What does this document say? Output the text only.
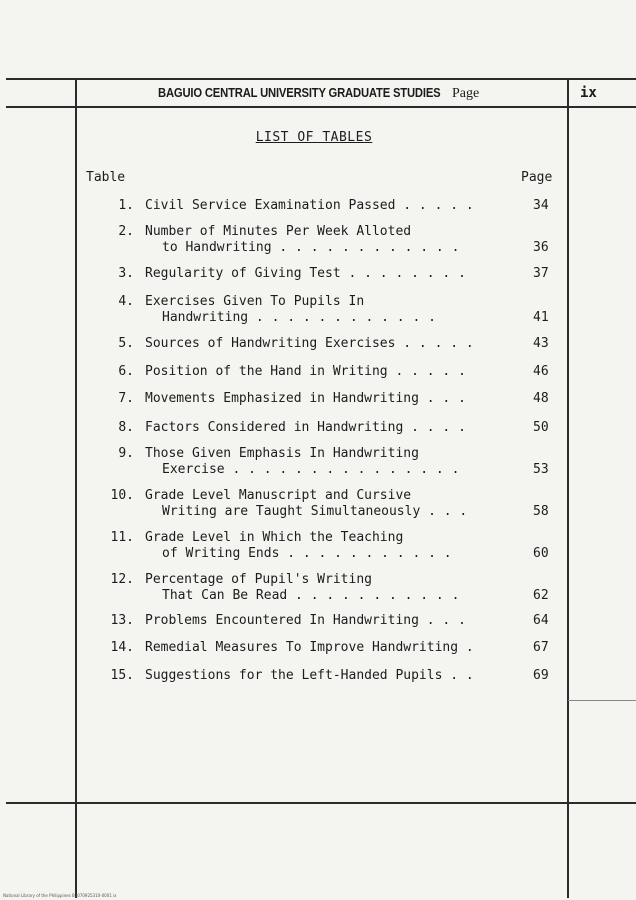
BAGUIO CENTRAL UNIVERSITY GRADUATE STUDIES Page	ix
LIST OF TABLES
Table	Page
1. Civil Service Examination Passed . . . . .	34
2. Number of Minutes Per Week Alloted
to Handwriting . . . . . . . . . . . .	36
3. Regularity of Giving Test . . . . . . . .	37
4. Exercises Given To Pupils In
Handwriting . . . . . . . . . . . .	41
5. Sources of Handwriting Exercises . . . . .	43
6. Position of the Hand in Writing . . . . .	46
7. Movements Emphasized in Handwriting . . .	48
8. Factors Considered in Handwriting . . . .	50
9. Those Given Emphasis In Handwriting
Exercise . . . . . . . . . . . . . . .	53
10. Grade Level Manuscript and Cursive
Writing are Taught Simultaneously . . .	58
11. Grade Level in Which the Teaching
of Writing Ends . . . . . . . . . . .	60
12. Percentage of Pupil's Writing
That Can Be Read . . . . . . . . . . .	62
13. Problems Encountered In Handwriting . . .	64
14. Remedial Measures To Improve Handwriting .	67
15. Suggestions for the Left-Handed Pupils . .	69
National Library of the Philippines B2070925310-0001 ix
